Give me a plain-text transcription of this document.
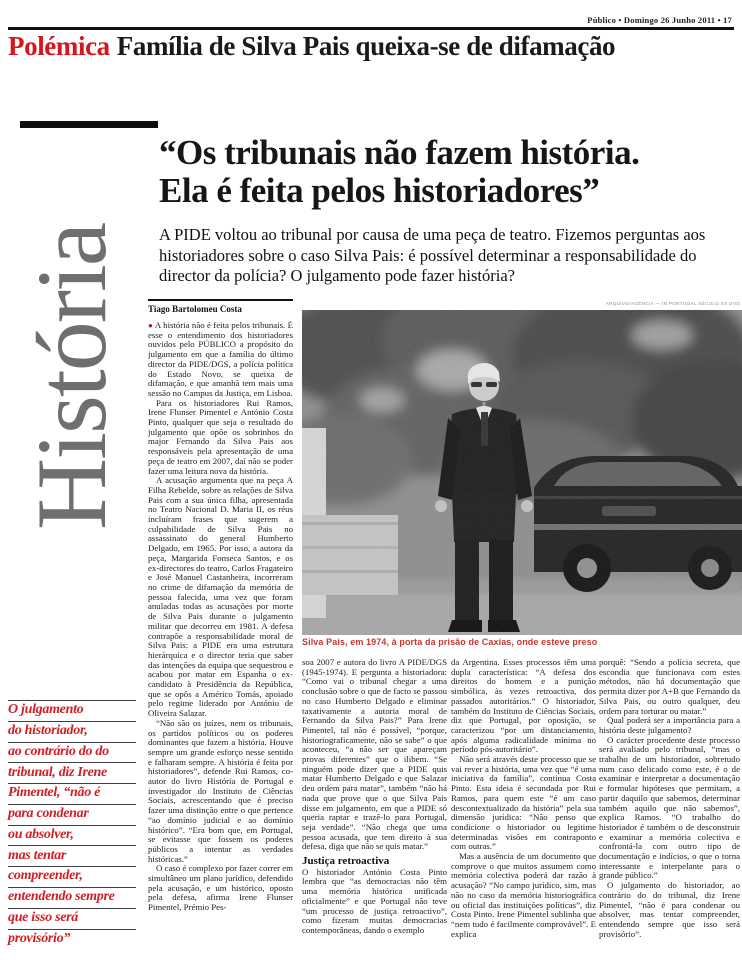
Público • Domingo 26 Junho 2011 • 17
Polémica Família de Silva Pais queixa-se de difamação
História
“Os tribunais não fazem história.
Ela é feita pelos historiadores”

A PIDE voltou ao tribunal por causa de uma peça de teatro. Fizemos perguntas aos historiadores sobre o caso Silva Pais: é possível determinar a responsabilidade do director da polícia? O julgamento pode fazer história?

Tiago Bartolomeu Costa

● A história não é feita pelos tribunais. É esse o entendimento dos historiadores ouvidos pelo PÚBLICO a propósito do julgamento em que a família do último director da PIDE/DGS, a polícia política do Estado Novo, se queixa de difamação, e que amanhã tem mais uma sessão no Campus da Justiça, em Lisboa.

Para os historiadores Rui Ramos, Irene Flunser Pimentel e António Costa Pinto, qualquer que seja o resultado do julgamento que opõe os sobrinhos do major Fernando da Silva Pais aos responsáveis pela apresentação de uma peça de teatro em 2007, daí não se poder fazer uma leitura nova da história.

A acusação argumenta que na peça A Filha Rebelde, sobre as relações de Silva Pais com a sua única filha, apresentada no Teatro Nacional D. Maria II, os réus incluíram frases que sugerem a culpabilidade de Silva Pais no assassinato do general Humberto Delgado, em 1965. Por isso, a autora da peça, Margarida Fonseca Santos, e os ex-directores do teatro, Carlos Fragateiro e José Manuel Castanheira, incorreram no crime de difamação da memória de pessoa falecida, uma vez que foram anuladas todas as acusações por morte de Silva Pais durante o julgamento militar que decorreu em 1981. A defesa contrapõe a responsabilidade moral de Silva Pais: a PIDE era uma estrutura hierárquica e o director teria que saber das intenções da equipa que sequestrou e acabou por matar em Espanha o ex-candidato à Presidência da República, que se opôs a Américo Tomás, apoiado pelo regime liderado por António de Oliveira Salazar.

“Não são os juízes, nem os tribunais, os partidos políticos ou os poderes dominantes que fazem a história. Houve sempre um grande esforço nesse sentido e falharam sempre. A história é feita por historiadores”, defende Rui Ramos, co-autor do livro História de Portugal e investigador do Instituto de Ciências Sociais, acrescentando que é preciso fazer uma distinção entre o que pertence “ao domínio judicial e ao domínio histórico”. “Era bom que, em Portugal, se evitasse que fossem os poderes públicos a intentar as verdades históricas.”

O caso é complexo por fazer correr em simultâneo um plano jurídico, defendido pela acusação, e um histórico, oposto pela defesa, afirma Irene Flunser Pimentel, Prémio Pes-

ARQUIVO/AGÊNCIA — IN PORTUGAL SÉCULO XX DVD
Silva Pais, em 1974, à porta da prisão de Caxias, onde esteve preso

soa 2007 e autora do livro A PIDE/DGS (1945-1974). E pergunta a historiadora: “Como vai o tribunal chegar a uma conclusão sobre o que de facto se passou no caso Humberto Delgado e eliminar taxativamente a autoria moral de Fernando da Silva Pais?” Para Irene Pimentel, tal não é possível, “porque, historiograficamente, não se sabe” o que aconteceu, “a não ser que apareçam provas diferentes” que o ilibem. “Se ninguém pode dizer que a PIDE quis matar Humberto Delgado e que Salazar deu ordem para matar”, também “não há nada que prove que o que Silva Pais disse em julgamento, em que a PIDE só queria raptar e trazê-lo para Portugal, seja verdade”. “Não chega que uma pessoa acusada, que tem direito à sua defesa, diga que não se quis matar.”

Justiça retroactiva

O historiador António Costa Pinto lembra que “as democracias não têm uma memória histórica unificada oficialmente” e que Portugal não teve “um processo de justiça retroactivo”, como fizeram muitas democracias contemporâneas, dando o exemplo

da Argentina. Esses processos têm uma dupla característica: “A defesa dos direitos do homem e a punição simbólica, às vezes retroactiva, dos passados autoritários.” O historiador, também do Instituto de Ciências Sociais, diz que Portugal, por oposição, se caracterizou “por um distanciamento, após alguma radicalidade mínima no período pós-autoritário”.

Não será através deste processo que se vai rever a história, uma vez que “é uma iniciativa da família”, continua Costa Pinto. Esta ideia é secundada por Rui Ramos, para quem este “é um caso descontextualizado da história” pela sua dimensão jurídica: “Não penso que condicione o historiador ou legitime determinadas visões em contraponto com outras.”

Mas a ausência de um documento que comprove o que muitos assumem como memória colectiva poderá dar razão à acusação? “No campo jurídico, sim, mas não no caso da memória historiográfica ou oficial das instituições políticas”, diz Costa Pinto. Irene Pimentel sublinha que “nem tudo é facilmente comprovável”. E explica

porquê: “Sendo a polícia secreta, que escondia que funcionava com estes métodos, não há documentação que permita dizer por A+B que Fernando da Silva Pais, ou outro qualquer, deu ordem para torturar ou matar.”

Qual poderá ser a importância para a história deste julgamento?

O carácter procedente deste processo será avaliado pelo tribunal, “mas o trabalho de um historiador, sobretudo num caso delicado como este, é o de examinar e interpretar a documentação e formular hipóteses que permitam, a partir daquilo que sabemos, determinar também aquilo que não sabemos”, explica Ramos. “O trabalho do historiador é também o de desconstruir e examinar a memória colectiva e confrontá-la com outro tipo de documentação e indícios, o que o torna interessante e interpelante para o grande público.”

O julgamento do historiador, ao contrário do do tribunal, diz Irene Pimentel, “não é para condenar ou absolver, mas tentar compreender, entendendo sempre que isso será provisório”.

O julgamento
do historiador,
ao contrário do do
tribunal, diz Irene
Pimentel, “não é
para condenar
ou absolver,
mas tentar
compreender,
entendendo sempre
que isso será
provisório”
